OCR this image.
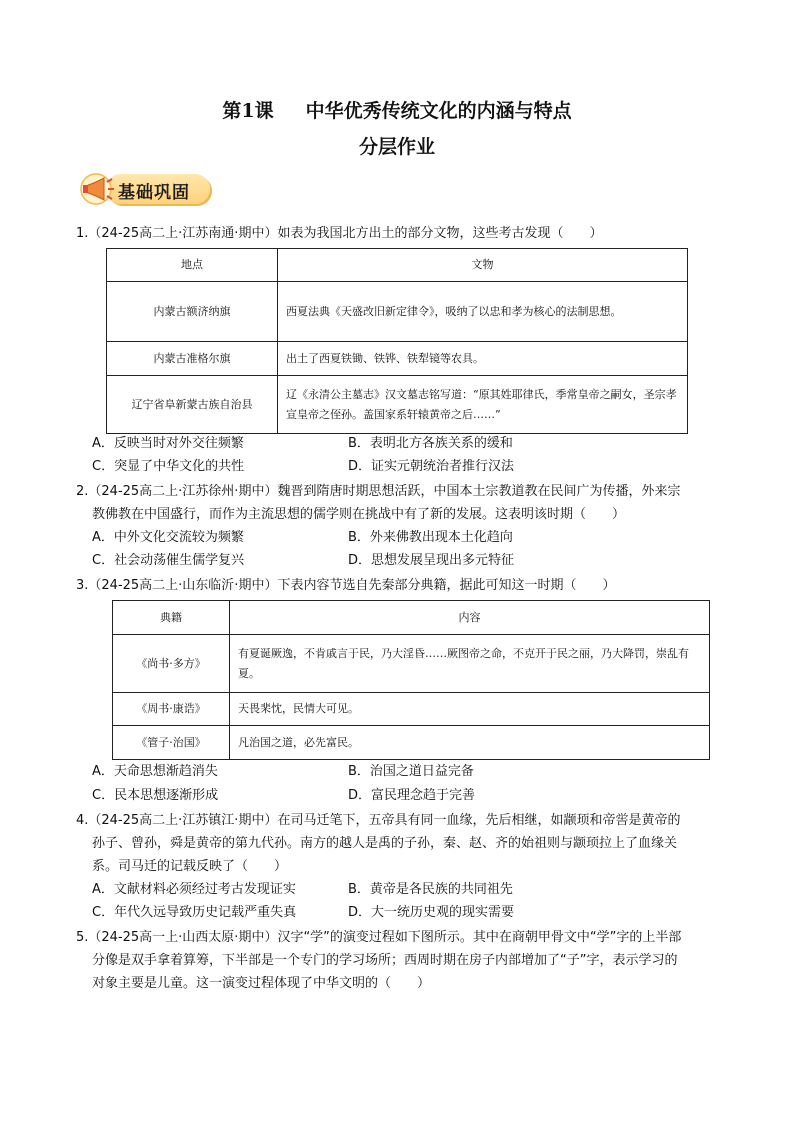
第1课 中华优秀传统文化的内涵与特点
分层作业
基础巩固
1.（24-25高二上·江苏南通·期中）如表为我国北方出土的部分文物，这些考古发现（　　）
地点	文物
内蒙古额济纳旗	西夏法典《天盛改旧新定律令》，吸纳了以忠和孝为核心的法制思想。
内蒙古准格尔旗	出土了西夏铁锄、铁铧、铁犁镜等农具。
辽宁省阜新蒙古族自治县	辽《永清公主墓志》汉文墓志铭写道：“原其姓耶律氏，季常皇帝之嗣女，圣宗孝宣皇帝之侄孙。盖国家系轩辕黄帝之后……”
A．反映当时对外交往频繁	B．表明北方各族关系的缓和
C．突显了中华文化的共性	D．证实元朝统治者推行汉法
2.（24-25高二上·江苏徐州·期中）魏晋到隋唐时期思想活跃，中国本土宗教道教在民间广为传播，外来宗
教佛教在中国盛行，而作为主流思想的儒学则在挑战中有了新的发展。这表明该时期（　　）
A．中外文化交流较为频繁	B．外来佛教出现本土化趋向
C．社会动荡催生儒学复兴	D．思想发展呈现出多元特征
3.（24-25高二上·山东临沂·期中）下表内容节选自先秦部分典籍，据此可知这一时期（　　）
典籍	内容
《尚书·多方》	有夏诞厥逸，不肯戚言于民，乃大淫昏……厥图帝之命，不克开于民之丽，乃大降罚，崇乱有夏。
《周书·康诰》	天畏棐忱，民情大可见。
《管子·治国》	凡治国之道，必先富民。
A．天命思想渐趋消失	B．治国之道日益完备
C．民本思想逐渐形成	D．富民理念趋于完善
4.（24-25高二上·江苏镇江·期中）在司马迁笔下，五帝具有同一血缘，先后相继，如颛顼和帝喾是黄帝的
孙子、曾孙，舜是黄帝的第九代孙。南方的越人是禹的子孙，秦、赵、齐的始祖则与颛顼拉上了血缘关
系。司马迁的记载反映了（　　）
A．文献材料必须经过考古发现证实	B．黄帝是各民族的共同祖先
C．年代久远导致历史记载严重失真	D．大一统历史观的现实需要
5.（24-25高一上·山西太原·期中）汉字“学”的演变过程如下图所示。其中在商朝甲骨文中“学”字的上半部
分像是双手拿着算筹，下半部是一个专门的学习场所；西周时期在房子内部增加了“子”字，表示学习的
对象主要是儿童。这一演变过程体现了中华文明的（　　）
